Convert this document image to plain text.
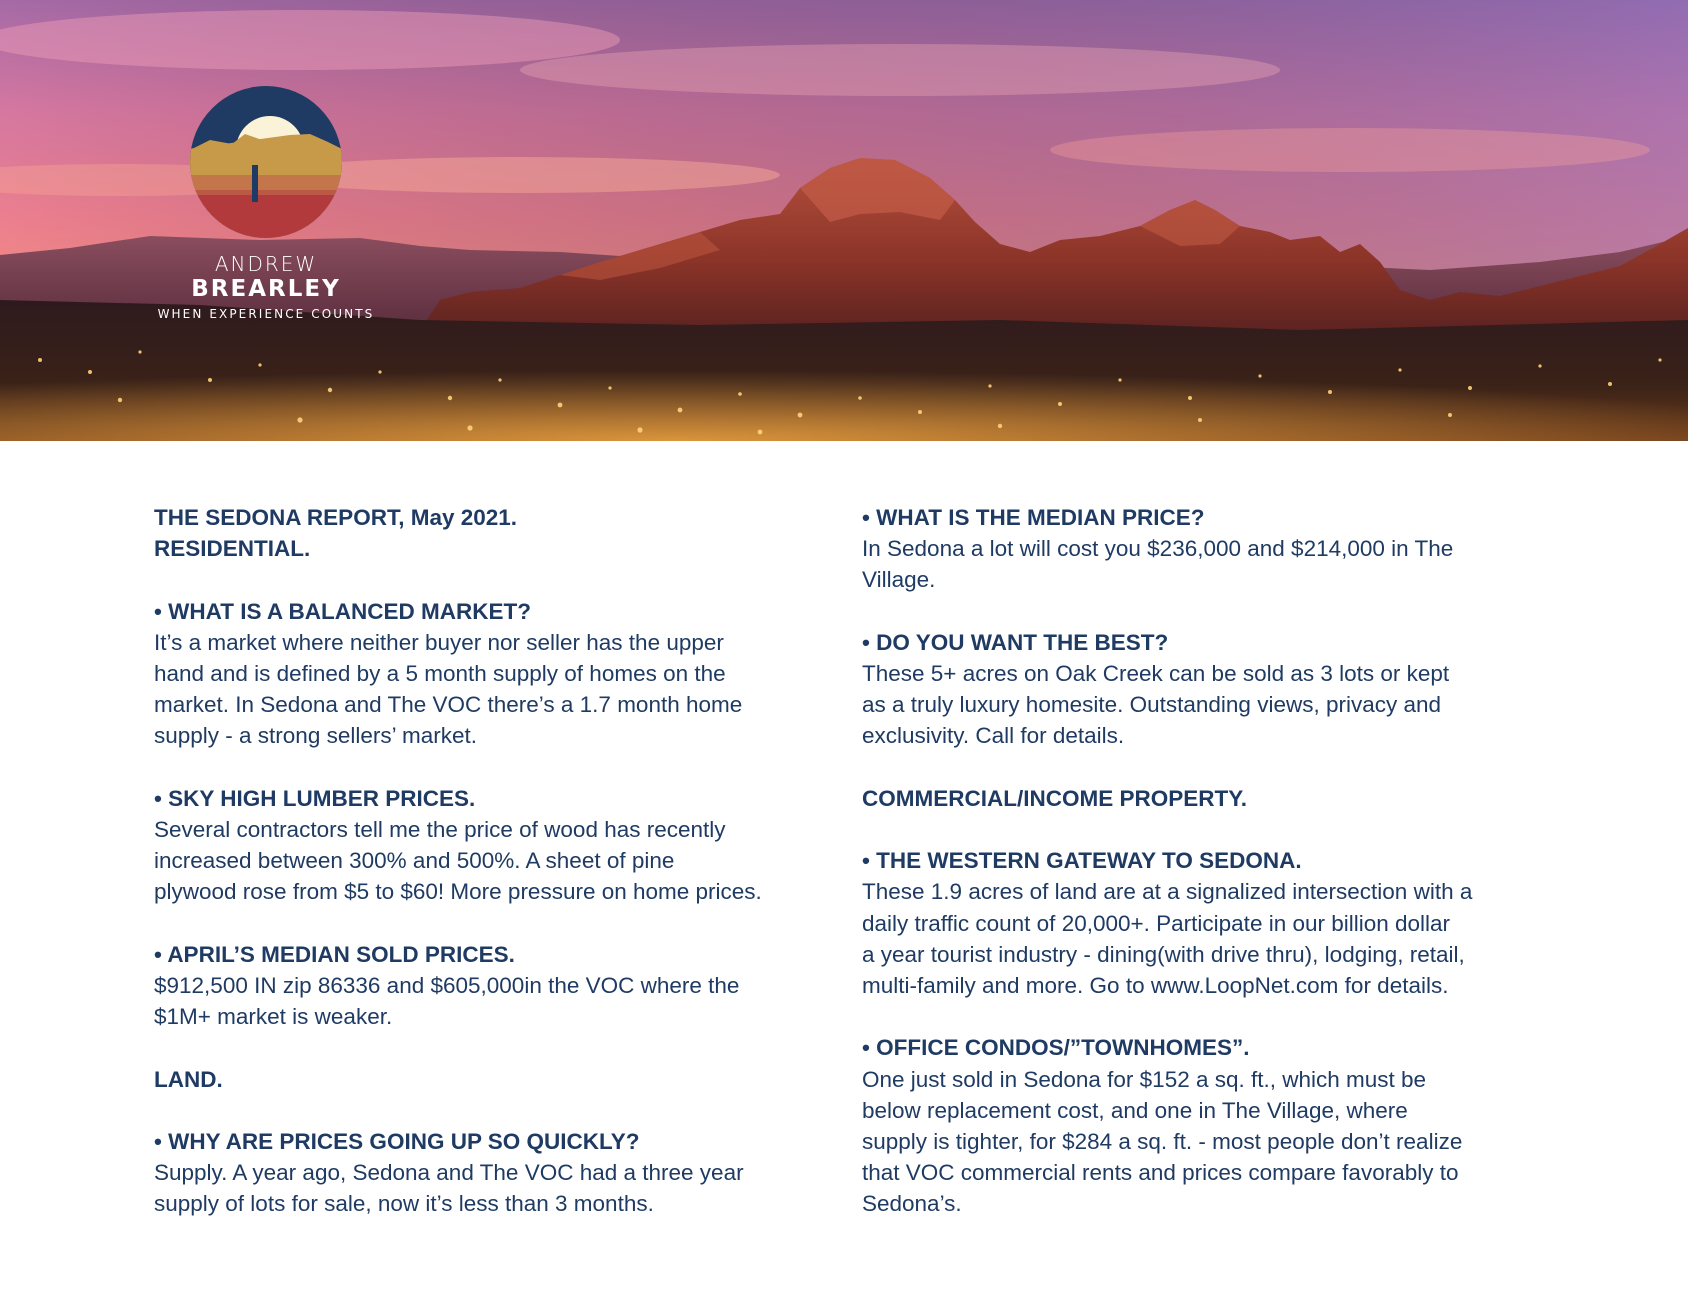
ANDREW
BREARLEY
WHEN EXPERIENCE COUNTS
THE SEDONA REPORT, May 2021.
RESIDENTIAL.
• WHAT IS A BALANCED MARKET?
It’s a market where neither buyer nor seller has the upper
hand and is defined by a 5 month supply of homes on the
market. In Sedona and The VOC there’s a 1.7 month home
supply - a strong sellers’ market.
• SKY HIGH LUMBER PRICES.
Several contractors tell me the price of wood has recently
increased between 300% and 500%. A sheet of pine
plywood rose from $5 to $60! More pressure on home prices.
• APRIL’S MEDIAN SOLD PRICES.
$912,500 IN zip 86336 and $605,000in the VOC where the
$1M+ market is weaker.
LAND.
• WHY ARE PRICES GOING UP SO QUICKLY?
Supply. A year ago, Sedona and The VOC had a three year
supply of lots for sale, now it’s less than 3 months.
• WHAT IS THE MEDIAN PRICE?
In Sedona a lot will cost you $236,000 and $214,000 in The
Village.
• DO YOU WANT THE BEST?
These 5+ acres on Oak Creek can be sold as 3 lots or kept
as a truly luxury homesite. Outstanding views, privacy and
exclusivity. Call for details.
COMMERCIAL/INCOME PROPERTY.
• THE WESTERN GATEWAY TO SEDONA.
These 1.9 acres of land are at a signalized intersection with a
daily traffic count of 20,000+. Participate in our billion dollar
a year tourist industry - dining(with drive thru), lodging, retail,
multi-family and more. Go to www.LoopNet.com for details.
• OFFICE CONDOS/”TOWNHOMES”.
One just sold in Sedona for $152 a sq. ft., which must be
below replacement cost, and one in The Village, where
supply is tighter, for $284 a sq. ft. - most people don’t realize
that VOC commercial rents and prices compare favorably to
Sedona’s.
